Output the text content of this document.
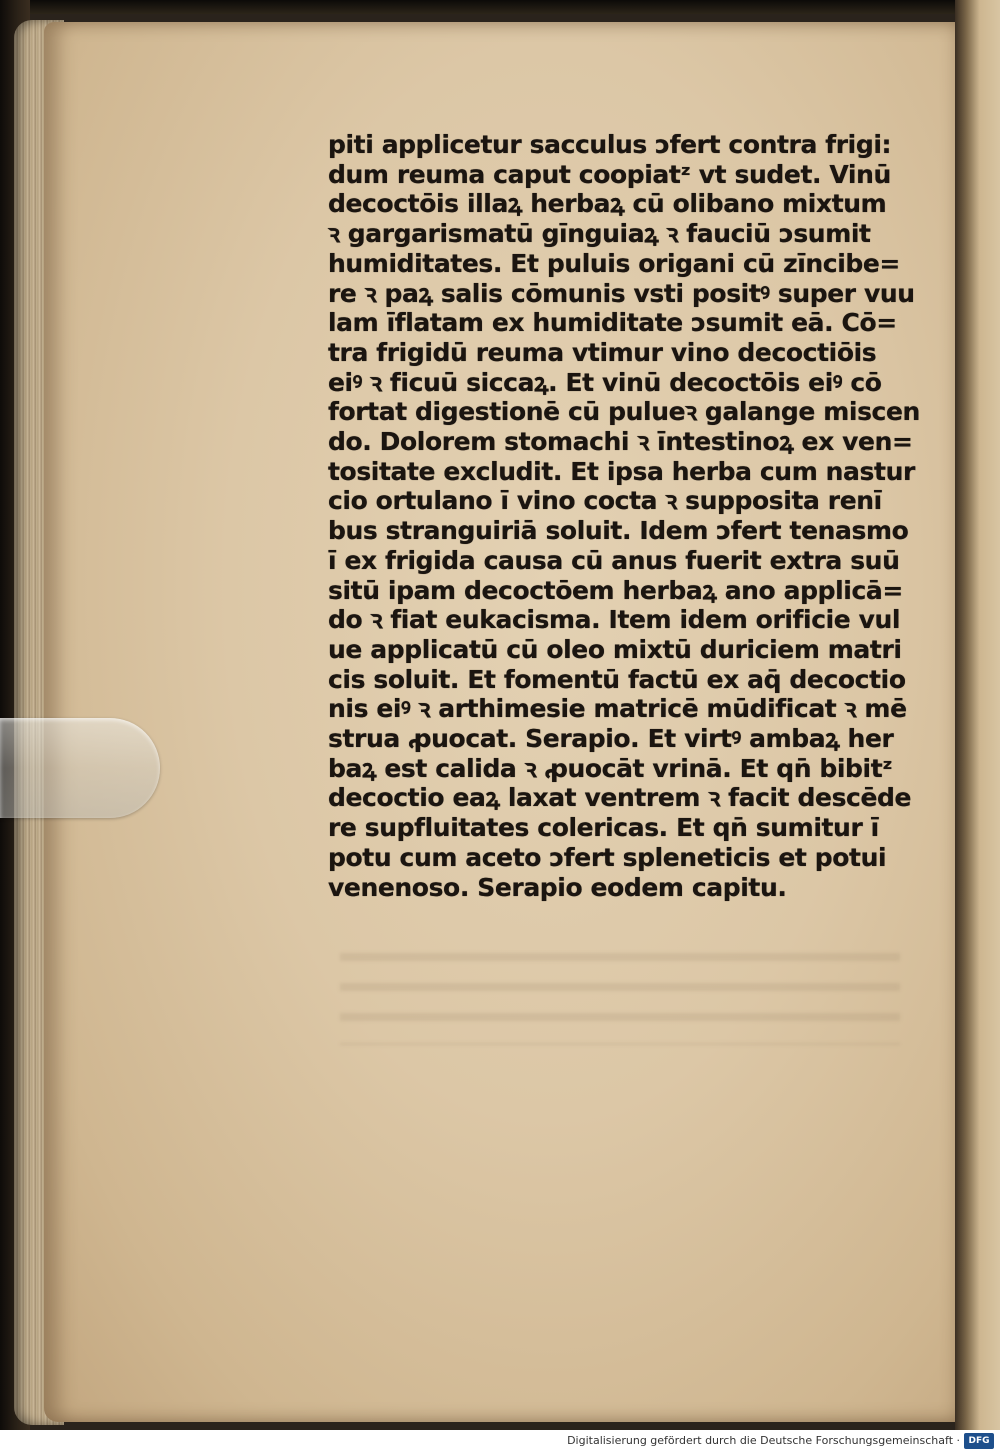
piti applicetur sacculus ↄfert contra frigi:
dum reuma caput coopiatᶻ vt sudet. Vinū
decoctōis illaꝝ herbaꝝ cū olibano mixtum
ꝛ gargarismatū gīnguiaꝝ ꝛ fauciū ↄsumit
humiditates. Et puluis origani cū zīncibe=
re ꝛ paꝝ salis cōmunis vsti positꝰ super vuu
lam īflatam ex humiditate ↄsumit eā. Cō=
tra frigidū reuma vtimur vino decoctiōis
eiꝰ ꝛ ficuū siccaꝝ. Et vinū decoctōis eiꝰ cō
fortat digestionē cū pulueꝛ galange miscen
do. Dolorem stomachi ꝛ īntestinoꝝ ex ven=
tositate excludit. Et ipsa herba cum nastur
cio ortulano ī vino cocta ꝛ supposita renī
bus stranguiriā soluit. Idem ↄfert tenasmo
ī ex frigida causa cū anus fuerit extra suū
sitū ipam decoctōem herbaꝝ ano applicā=
do ꝛ fiat eukacisma. Item idem orificie vul
ue applicatū cū oleo mixtū duriciem matri
cis soluit. Et fomentū factū ex aq̄ decoctio
nis eiꝰ ꝛ arthimesie matricē mūdificat ꝛ mē
strua ꝓuocat. Serapio. Et virtꝰ ambaꝝ her
baꝝ est calida ꝛ ꝓuocāt vrinā. Et qn̄ bibitᶻ
decoctio eaꝝ laxat ventrem ꝛ facit descēde
re supfluitates colericas. Et qn̄ sumitur ī
potu cum aceto ↄfert spleneticis et potui
venenoso. Serapio eodem capitu.
Digitalisierung gefördert durch die Deutsche Forschungsgemeinschaft · DFG
